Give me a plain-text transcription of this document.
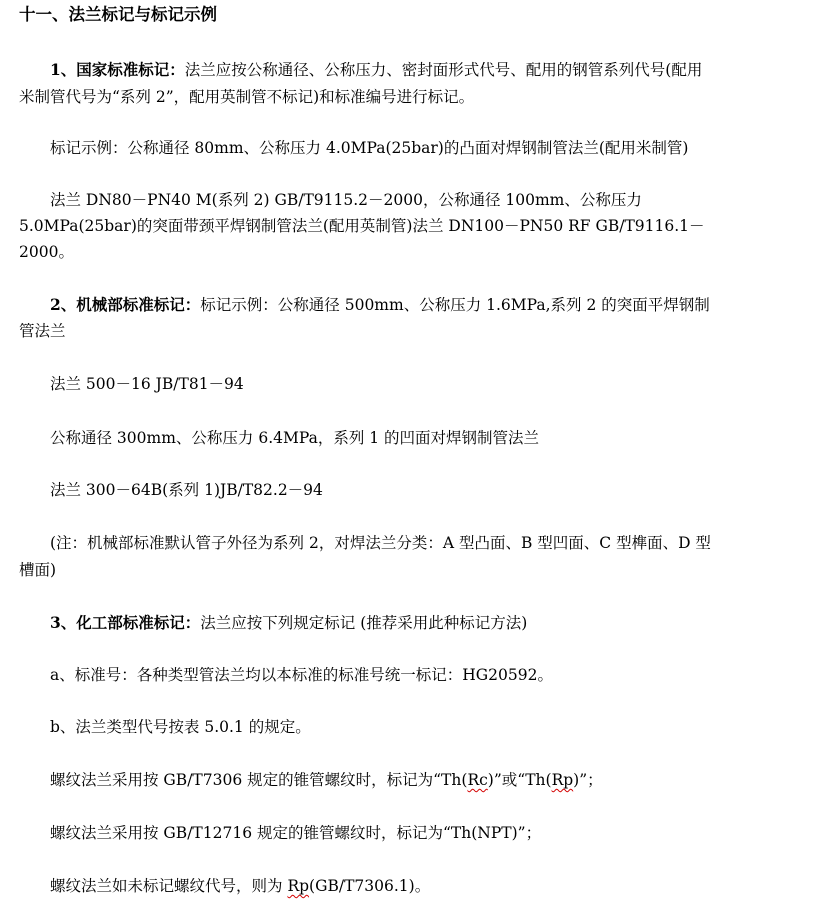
十一、法兰标记与标记示例
1、国家标准标记：法兰应按公称通径、公称压力、密封面形式代号、配用的钢管系列代号(配用
米制管代号为“系列 2”，配用英制管不标记)和标准编号进行标记。
标记示例：公称通径 80mm、公称压力 4.0MPa(25bar)的凸面对焊钢制管法兰(配用米制管)
法兰 DN80－PN40 M(系列 2) GB/T9115.2－2000，公称通径 100mm、公称压力
5.0MPa(25bar)的突面带颈平焊钢制管法兰(配用英制管)法兰 DN100－PN50 RF GB/T9116.1－
2000。
2、机械部标准标记：标记示例：公称通径 500mm、公称压力 1.6MPa,系列 2 的突面平焊钢制
管法兰
法兰 500－16 JB/T81－94
公称通径 300mm、公称压力 6.4MPa，系列 1 的凹面对焊钢制管法兰
法兰 300－64B(系列 1)JB/T82.2－94
(注：机械部标准默认管子外径为系列 2，对焊法兰分类：A 型凸面、B 型凹面、C 型榫面、D 型
槽面)
3、化工部标准标记：法兰应按下列规定标记 (推荐采用此种标记方法)
a、标准号：各种类型管法兰均以本标准的标准号统一标记：HG20592。
b、法兰类型代号按表 5.0.1 的规定。
螺纹法兰采用按 GB/T7306 规定的锥管螺纹时，标记为“Th(Rc)”或“Th(Rp)”；
螺纹法兰采用按 GB/T12716 规定的锥管螺纹时，标记为“Th(NPT)”；
螺纹法兰如未标记螺纹代号，则为 Rp(GB/T7306.1)。
